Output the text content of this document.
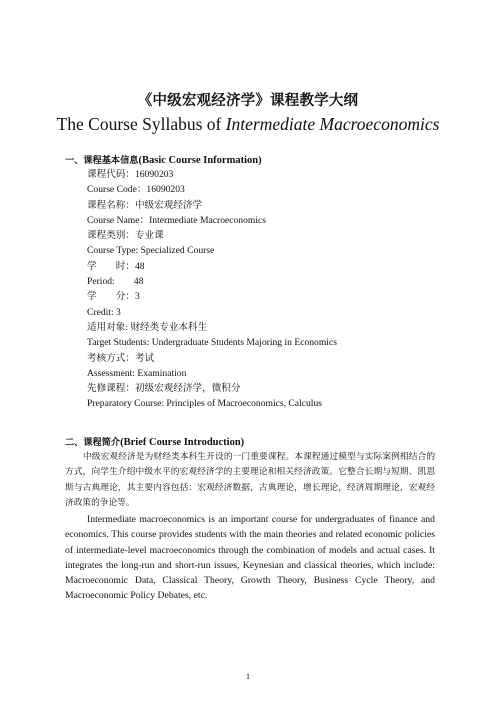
《中级宏观经济学》课程教学大纲
The Course Syllabus of Intermediate Macroeconomics
一、课程基本信息(Basic Course Information)
课程代码：16090203
Course Code：16090203
课程名称：中级宏观经济学
Course Name：Intermediate Macroeconomics
课程类别：专业课
Course Type: Specialized Course
学　　时：48
Period:　　48
学　　分：3
Credit: 3
适用对象: 财经类专业本科生
Target Students: Undergraduate Students Majoring in Economics
考核方式：考试
Assessment: Examination
先修课程：初级宏观经济学，微积分
Preparatory Course: Principles of Macroeconomics, Calculus
二、课程简介(Brief Course Introduction)

中级宏观经济是为财经类本科生开设的一门重要课程。本课程通过模型与实际案例相结合的方式，向学生介绍中级水平的宏观经济学的主要理论和相关经济政策。它整合长期与短期、凯恩斯与古典理论，其主要内容包括：宏观经济数据，古典理论，增长理论，经济周期理论，宏观经济政策的争论等。

Intermediate macroeconomics is an important course for undergraduates of finance and economics. This course provides students with the main theories and related economic policies of intermediate-level macroeconomics through the combination of models and actual cases. It integrates the long-run and short-run issues, Keynesian and classical theories, which include: Macroeconomic Data, Classical Theory, Growth Theory, Business Cycle Theory, and Macroeconomic Policy Debates, etc.

1
